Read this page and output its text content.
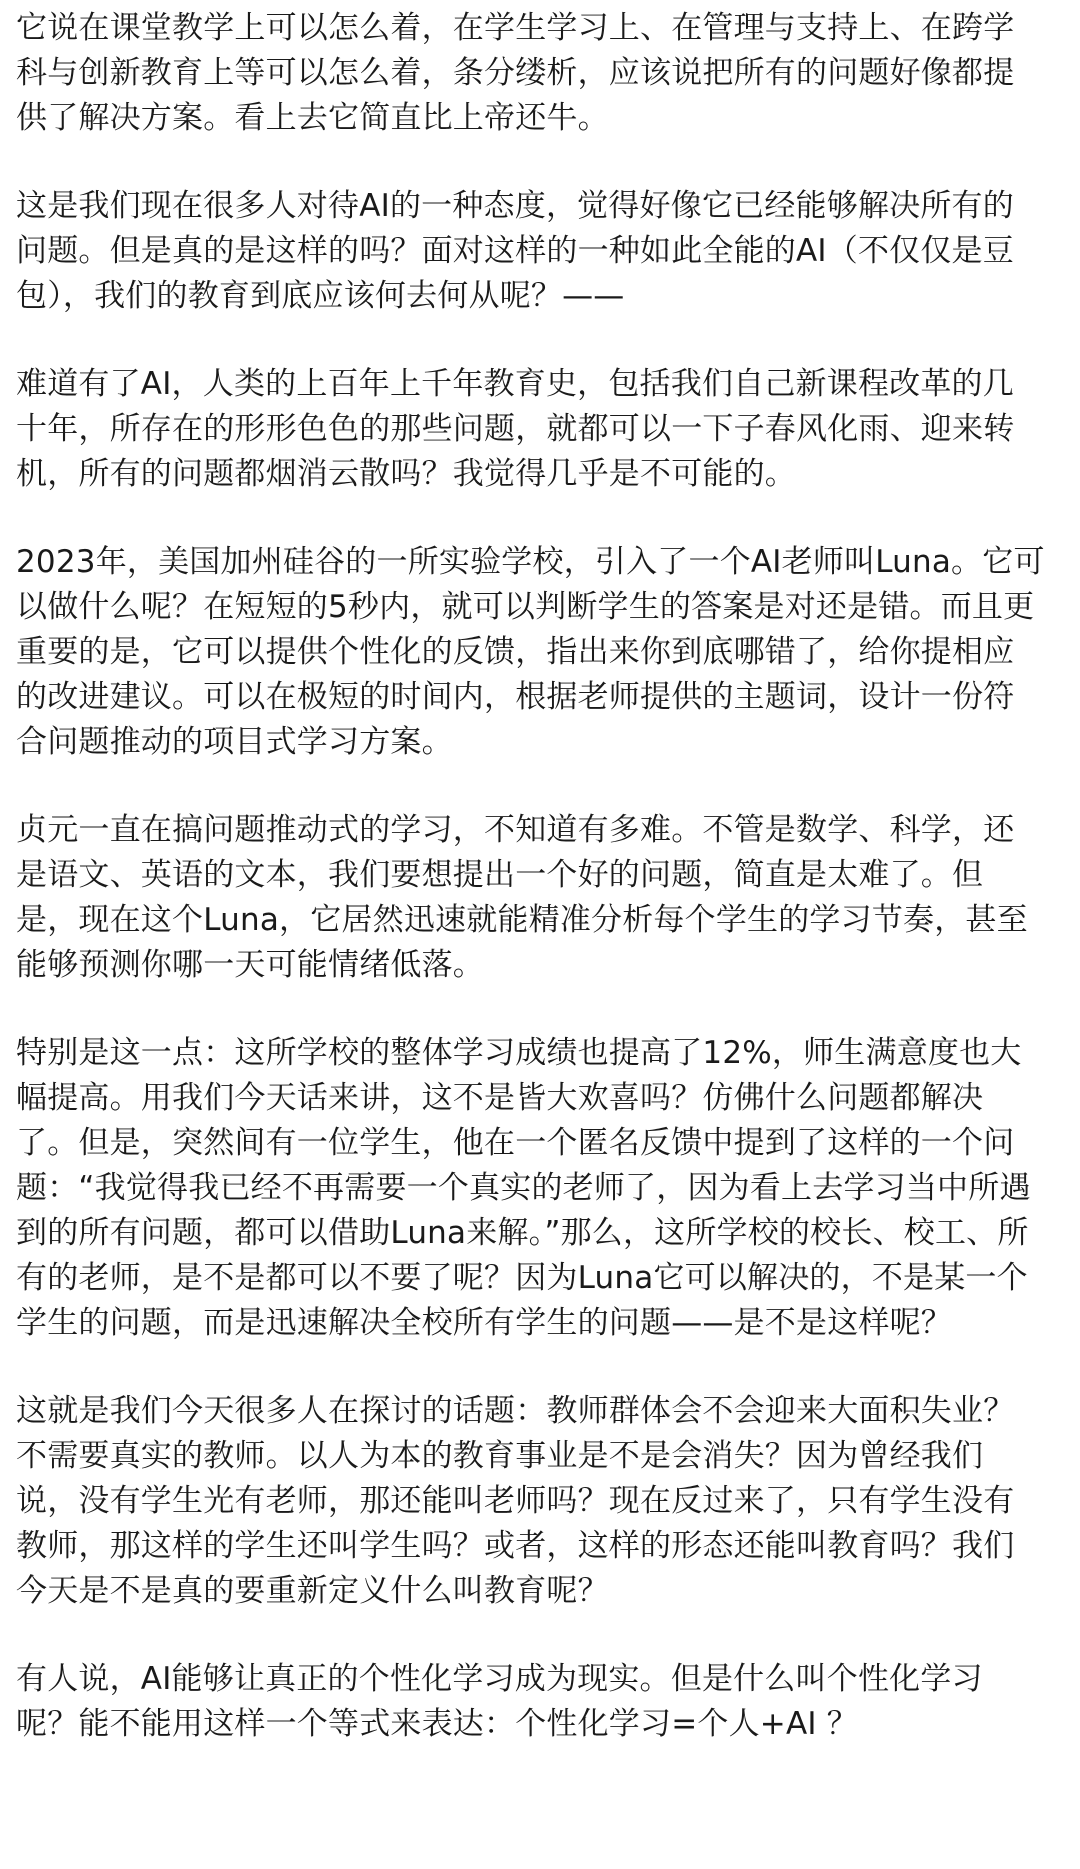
它说在课堂教学上可以怎么着，在学生学习上、在管理与支持上、在跨学
科与创新教育上等可以怎么着，条分缕析，应该说把所有的问题好像都提
供了解决方案。看上去它简直比上帝还牛。

这是我们现在很多人对待AI的一种态度，觉得好像它已经能够解决所有的
问题。但是真的是这样的吗？面对这样的一种如此全能的AI（不仅仅是豆
包），我们的教育到底应该何去何从呢？——

难道有了AI，人类的上百年上千年教育史，包括我们自己新课程改革的几
十年，所存在的形形色色的那些问题，就都可以一下子春风化雨、迎来转
机，所有的问题都烟消云散吗？我觉得几乎是不可能的。

2023年，美国加州硅谷的一所实验学校，引入了一个AI老师叫Luna。它可
以做什么呢？在短短的5秒内，就可以判断学生的答案是对还是错。而且更
重要的是，它可以提供个性化的反馈，指出来你到底哪错了，给你提相应
的改进建议。可以在极短的时间内，根据老师提供的主题词，设计一份符
合问题推动的项目式学习方案。

贞元一直在搞问题推动式的学习，不知道有多难。不管是数学、科学，还
是语文、英语的文本，我们要想提出一个好的问题，简直是太难了。但
是，现在这个Luna，它居然迅速就能精准分析每个学生的学习节奏，甚至
能够预测你哪一天可能情绪低落。

特别是这一点：这所学校的整体学习成绩也提高了12%，师生满意度也大
幅提高。用我们今天话来讲，这不是皆大欢喜吗？仿佛什么问题都解决
了。但是，突然间有一位学生，他在一个匿名反馈中提到了这样的一个问
题：“我觉得我已经不再需要一个真实的老师了，因为看上去学习当中所遇
到的所有问题，都可以借助Luna来解。”那么，这所学校的校长、校工、所
有的老师，是不是都可以不要了呢？因为Luna它可以解决的，不是某一个
学生的问题，而是迅速解决全校所有学生的问题——是不是这样呢？

这就是我们今天很多人在探讨的话题：教师群体会不会迎来大面积失业？
不需要真实的教师。以人为本的教育事业是不是会消失？因为曾经我们
说，没有学生光有老师，那还能叫老师吗？现在反过来了，只有学生没有
教师，那这样的学生还叫学生吗？或者，这样的形态还能叫教育吗？我们
今天是不是真的要重新定义什么叫教育呢？

有人说，AI能够让真正的个性化学习成为现实。但是什么叫个性化学习
呢？能不能用这样一个等式来表达：个性化学习=个人+AI ？
